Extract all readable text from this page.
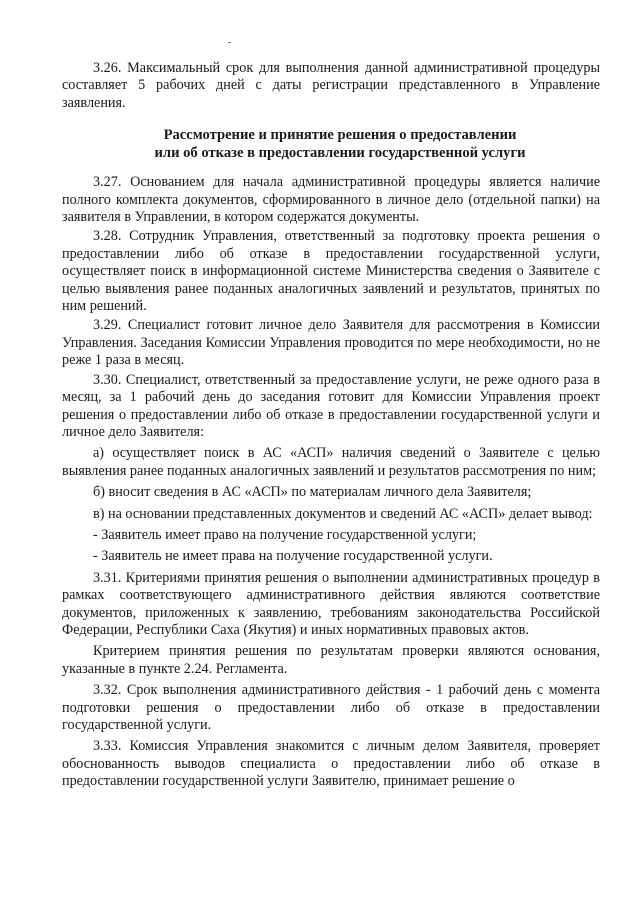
3.26. Максимальный срок для выполнения данной административной процедуры составляет 5 рабочих дней с даты регистрации представленного в Управление заявления.

Рассмотрение и принятие решения о предоставлении
или об отказе в предоставлении государственной услуги

3.27. Основанием для начала административной процедуры является наличие полного комплекта документов, сформированного в личное дело (отдельной папки) на заявителя в Управлении, в котором содержатся документы.

3.28. Сотрудник Управления, ответственный за подготовку проекта решения о предоставлении либо об отказе в предоставлении государственной услуги, осуществляет поиск в информационной системе Министерства сведения о Заявителе с целью выявления ранее поданных аналогичных заявлений и результатов, принятых по ним решений.

3.29. Специалист готовит личное дело Заявителя для рассмотрения в Комиссии Управления. Заседания Комиссии Управления проводится по мере необходимости, но не реже 1 раза в месяц.

3.30. Специалист, ответственный за предоставление услуги, не реже одного раза в месяц, за 1 рабочий день до заседания готовит для Комиссии Управления проект решения о предоставлении либо об отказе в предоставлении государственной услуги и личное дело Заявителя:

а) осуществляет поиск в АС «АСП» наличия сведений о Заявителе с целью выявления ранее поданных аналогичных заявлений и результатов рассмотрения по ним;

б) вносит сведения в АС «АСП» по материалам личного дела Заявителя;

в) на основании представленных документов и сведений АС «АСП» делает вывод:

- Заявитель имеет право на получение государственной услуги;

- Заявитель не имеет права на получение государственной услуги.

3.31. Критериями принятия решения о выполнении административных процедур в рамках соответствующего административного действия являются соответствие документов, приложенных к заявлению, требованиям законодательства Российской Федерации, Республики Саха (Якутия) и иных нормативных правовых актов.

Критерием принятия решения по результатам проверки являются основания, указанные в пункте 2.24. Регламента.

3.32. Срок выполнения административного действия - 1 рабочий день с момента подготовки решения о предоставлении либо об отказе в предоставлении государственной услуги.

3.33. Комиссия Управления знакомится с личным делом Заявителя, проверяет обоснованность выводов специалиста о предоставлении либо об отказе в предоставлении государственной услуги Заявителю, принимает решение о
